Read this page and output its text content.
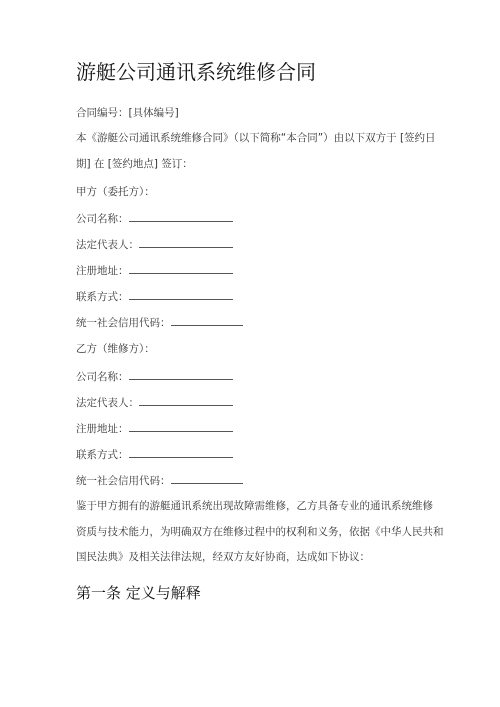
游艇公司通讯系统维修合同
合同编号：[具体编号]
本《游艇公司通讯系统维修合同》（以下简称“本合同”）由以下双方于 [签约日
期] 在 [签约地点] 签订：
甲方（委托方）：
公司名称：
法定代表人：
注册地址：
联系方式：
统一社会信用代码：
乙方（维修方）：
公司名称：
法定代表人：
注册地址：
联系方式：
统一社会信用代码：
鉴于甲方拥有的游艇通讯系统出现故障需维修，乙方具备专业的通讯系统维修
资质与技术能力，为明确双方在维修过程中的权利和义务，依据《中华人民共和
国民法典》及相关法律法规，经双方友好协商，达成如下协议：
第一条 定义与解释
